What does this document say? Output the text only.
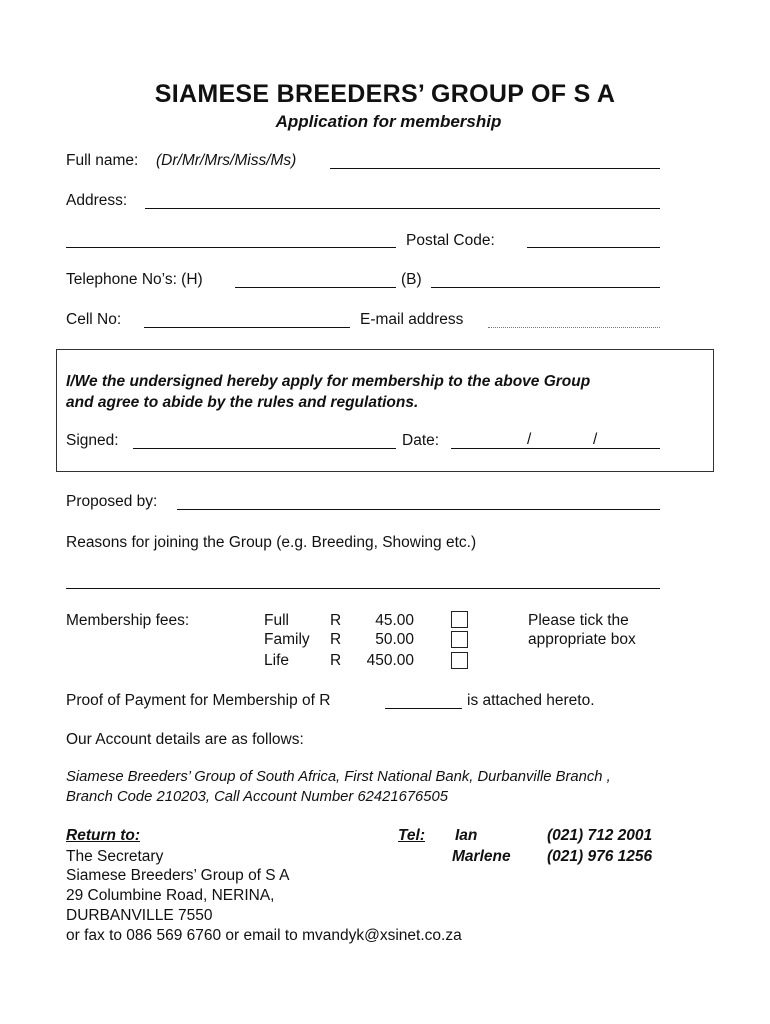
SIAMESE BREEDERS’ GROUP OF S A
Application for membership
Full name: (Dr/Mr/Mrs/Miss/Ms)
Address:
Postal Code:
Telephone No’s: (H)	(B)
Cell No:	E-mail address
I/We the undersigned hereby apply for membership to the above Group
and agree to abide by the rules and regulations.
Signed:	Date:	/	/
Proposed by:
Reasons for joining the Group (e.g. Breeding, Showing etc.)
Membership fees:	Full	R	45.00
Family R	50.00
Life	R	450.00
Please tick the
appropriate box
Proof of Payment for Membership of R	is attached hereto.
Our Account details are as follows:
Siamese Breeders’ Group of South Africa, First National Bank, Durbanville Branch ,
Branch Code 210203, Call Account Number 62421676505
Return to:
The Secretary
Siamese Breeders’ Group of S A
29 Columbine Road, NERINA,
DURBANVILLE 7550
or fax to 086 569 6760 or email to mvandyk@xsinet.co.za
Tel: Ian	(021) 712 2001
Marlene (021) 976 1256
